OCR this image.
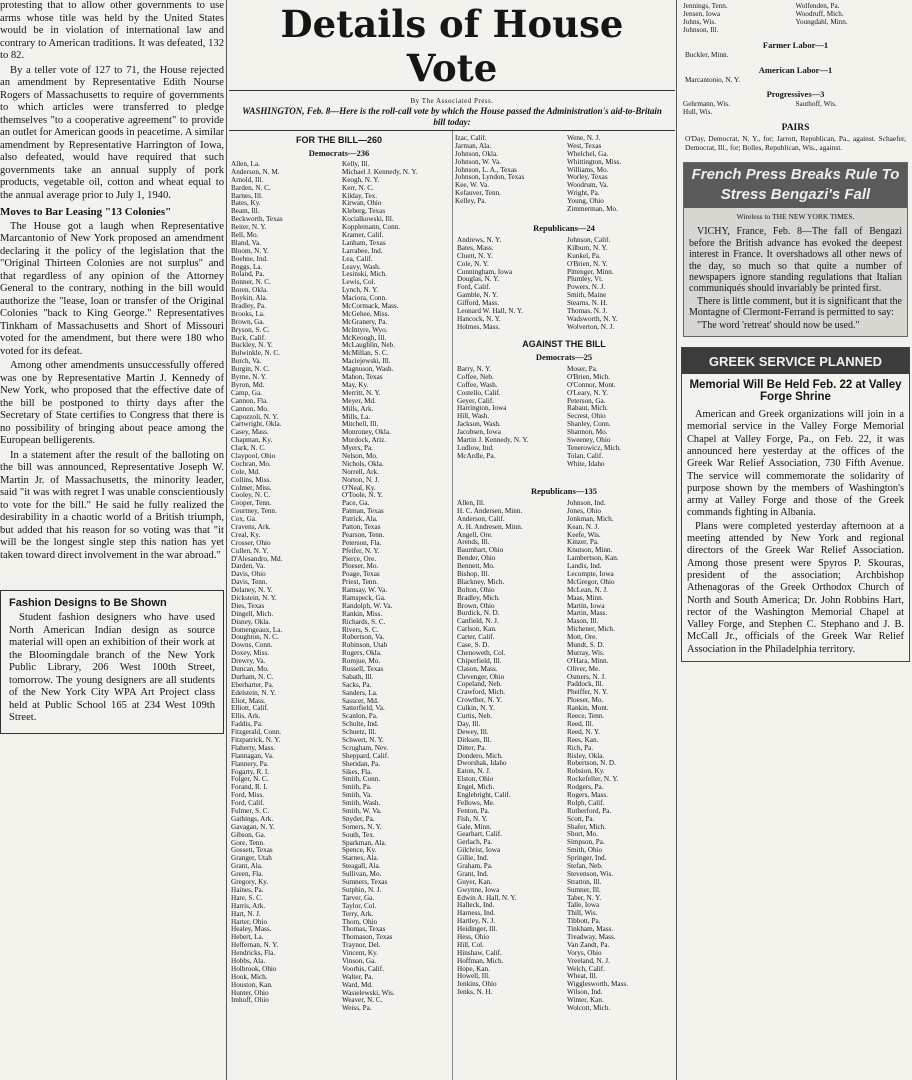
protesting that to allow other governments to use arms whose title was held by the United States would be in violation of international law and contrary to American traditions. It was defeated, 132 to 82.

By a teller vote of 127 to 71, the House rejected an amendment by Representative Edith Nourse Rogers of Massachusetts to require of governments to which articles were transferred to pledge themselves "to a cooperative agreement" to provide an outlet for American goods in peacetime. A similar amendment by Representative Harrington of Iowa, also defeated, would have required that such governments take an annual supply of pork products, vegetable oil, cotton and wheat equal to the annual average prior to July 1, 1940.

Moves to Bar Leasing "13 Colonies"

The House got a laugh when Representative Marcantonio of New York proposed an amendment declaring it the policy of the legislation that the "Original Thirteen Colonies are not surplus" and that regardless of any opinion of the Attorney General to the contrary, nothing in the bill would authorize the "lease, loan or transfer of the Original Colonies "back to King George." Representatives Tinkham of Massachusetts and Short of Missouri voted for the amendment, but there were 180 who voted for its defeat.

Among other amendments unsuccessfully offered was one by Representative Martin J. Kennedy of New York, who proposed that the effective date of the bill be postponed to thirty days after the Secretary of State certifies to Congress that there is no possibility of bringing about peace among the European belligerents.

In a statement after the result of the balloting on the bill was announced, Representative Joseph W. Martin Jr. of Massachusetts, the minority leader, said "it was with regret I was unable conscientiously to vote for the bill." He said he fully realized the desirability in a chaotic world of a British triumph, but added that his reason for so voting was that "it will be the longest single step this nation has yet taken toward direct involvement in the war abroad."

Fashion Designs to Be Shown

Student fashion designers who have used North American Indian design as source material will open an exhibition of their work at the Bloomingdale branch of the New York Public Library, 206 West 100th Street, tomorrow. The young designers are all students of the New York City WPA Art Project class held at Public School 165 at 234 West 109th Street.

Details of House Vote
By The Associated Press.
WASHINGTON, Feb. 8—Here is the roll-call vote by which the House passed the Administration's aid-to-Britain bill today:
FOR THE BILL—260
Democrats—236
Allen, La.
Anderson, N. M.
Arnold, Ill.
Barden, N. C.
Barnes, Ill.
Bates, Ky.
Beam, Ill.
Beckworth, Texas
Beiter, N. Y.
Bell, Mo.
Bland, Va.
Bloom, N. Y.
Boehne, Ind.
Boggs, La.
Boland, Pa.
Bonner, N. C.
Boren, Okla.
Boykin, Ala.
Bradley, Pa.
Brooks, La.
Brown, Ga.
Bryson, S. C.
Buck, Calif.
Buckley, N. Y.
Bulwinkle, N. C.
Burch, Va.
Burgin, N. C.
Byrne, N. Y.
Byron, Md.
Camp, Ga.
Cannon, Fla.
Cannon, Mo.
Capozzoli, N. Y.
Cartwright, Okla.
Casey, Mass.
Chapman, Ky.
Clark, N. C.
Claypool, Ohio
Cochran, Mo.
Cole, Md.
Collins, Miss.
Colmer, Miss.
Cooley, N. C.
Cooper, Tenn.
Courtney, Tenn.
Cox, Ga.
Cravens, Ark.
Creal, Ky.
Crosser, Ohio
Cullen, N. Y.
D'Alesandro, Md.
Darden, Va.
Davis, Ohio
Davis, Tenn.
Delaney, N. Y.
Dickstein, N. Y.
Dies, Texas
Dingell, Mich.
Disney, Okla.
Domengeaux, La.
Doughton, N. C.
Downs, Conn.
Doxey, Miss.
Drewry, Va.
Duncan, Mo.
Durham, N. C.
Eberharter, Pa.
Edelstein, N. Y.
Eliot, Mass.
Elliott, Calif.
Ellis, Ark.
Faddis, Pa.
Fitzgerald, Conn.
Fitzpatrick, N. Y.
Flaherty, Mass.
Flannagan, Va.
Flannery, Pa.
Fogarty, R. I.
Folger, N. C.
Forand, R. I.
Ford, Miss.
Ford, Calif.
Fulmer, S. C.
Gathings, Ark.
Gavagan, N. Y.
Gibson, Ga.
Gore, Tenn.
Gossett, Texas
Granger, Utah
Grant, Ala.
Green, Fla.
Gregory, Ky.
Haines, Pa.
Hare, S. C.
Harris, Ark.
Hart, N. J.
Harter, Ohio
Healey, Mass.
Hebert, La.
Heffernan, N. Y.
Hendricks, Fla.
Hobbs, Ala.
Holbrook, Ohio
Hook, Mich.
Houston, Kan.
Hunter, Ohio
Imhoff, Ohio
Kelly, Ill.
Michael J. Kennedy, N. Y.
Keogh, N. Y.
Kerr, N. C.
Kilday, Tex.
Kirwan, Ohio
Kleberg, Texas
Kocialkowski, Ill.
Kopplemann, Conn.
Kramer, Calif.
Lanham, Texas
Larrabee, Ind.
Lea, Calif.
Leavy, Wash.
Lesinski, Mich.
Lewis, Col.
Lynch, N. Y.
Maciora, Conn.
McCormack, Mass.
McGehee, Miss.
McGranery, Pa.
McIntyre, Wyo.
McKeough, Ill.
McLaughlin, Neb.
McMillan, S. C.
Maciejewski, Ill.
Magnuson, Wash.
Mahon, Texas
May, Ky.
Merritt, N. Y.
Meyer, Md.
Mills, Ark.
Mills, La.
Mitchell, Ill.
Monroney, Okla.
Murdock, Ariz.
Myers, Pa.
Nelson, Mo.
Nichols, Okla.
Norrell, Ark.
Norton, N. J.
O'Neal, Ky.
O'Toole, N. Y.
Pace, Ga.
Patman, Texas
Patrick, Ala.
Patton, Texas
Pearson, Tenn.
Peterson, Fla.
Pfeifer, N. Y.
Pierce, Ore.
Ploeser, Mo.
Poage, Texas
Priest, Tenn.
Ramsay, W. Va.
Ramspeck, Ga.
Randolph, W. Va.
Rankin, Miss.
Richards, S. C.
Rivers, S. C.
Robertson, Va.
Robinson, Utah
Rogers, Okla.
Romjue, Mo.
Russell, Texas
Sabath, Ill.
Sacks, Pa.
Sanders, La.
Sasscer, Md.
Satterfield, Va.
Scanlon, Pa.
Schulte, Ind.
Schuetz, Ill.
Schwert, N. Y.
Scrugham, Nev.
Sheppard, Calif.
Sheridan, Pa.
Sikes, Fla.
Smith, Conn.
Smith, Pa.
Smith, Va.
Smith, Wash.
Smith, W. Va.
Snyder, Pa.
Somers, N. Y.
South, Tex.
Sparkman, Ala.
Spence, Ky.
Starnes, Ala.
Steagall, Ala.
Sullivan, Mo.
Sumners, Texas
Sutphin, N. J.
Tarver, Ga.
Taylor, Col.
Terry, Ark.
Thom, Ohio
Thomas, Texas
Thomason, Texas
Traynor, Del.
Vincent, Ky.
Vinson, Ga.
Voorhis, Calif.
Walter, Pa.
Ward, Md.
Wasielewski, Wis.
Weaver, N. C.
Weiss, Pa.
Izac, Calif.
Jarman, Ala.
Johnson, Okla.
Johnson, W. Va.
Johnson, L. A., Texas
Johnson, Lyndon, Texas
Kee, W. Va.
Kefauver, Tenn.
Kelley, Pa.
Wene, N. J.
West, Texas
Whelchel, Ga.
Whittington, Miss.
Williams, Mo.
Worley, Texas
Woodrum, Va.
Wright, Pa.
Young, Ohio
Zimmerman, Mo.
Republicans—24
Andrews, N. Y.
Bates, Mass.
Cluett, N. Y.
Cole, N. Y.
Cunningham, Iowa
Douglas, N. Y.
Ford, Calif.
Gamble, N. Y.
Gifford, Mass.
Leonard W. Hall, N. Y.
Hancock, N. Y.
Holmes, Mass.
Johnson, Calif.
Kilburn, N. Y.
Kunkel, Pa.
O'Brien, N. Y.
Pittenger, Minn.
Plumley, Vt.
Powers, N. J.
Smith, Maine
Stearns, N. H.
Thomas, N. J.
Wadsworth, N. Y.
Wolverton, N. J.
AGAINST THE BILL
Democrats—25
Barry, N. Y.
Coffee, Neb.
Coffee, Wash.
Costello, Calif.
Geyer, Calif.
Harrington, Iowa
Hill, Wash.
Jackson, Wash.
Jacobsen, Iowa
Martin J. Kennedy, N. Y.
Ludlow, Ind.
McArdle, Pa.
Moser, Pa.
O'Brien, Mich.
O'Connor, Mont.
O'Leary, N. Y.
Peterson, Ga.
Rabaut, Mich.
Secrest, Ohio
Shanley, Conn.
Shannon, Mo.
Sweeney, Ohio
Tenerowicz, Mich.
Tolan, Calif.
White, Idaho
Republicans—135
Allen, Ill.
H. C. Andersen, Minn.
Anderson, Calif.
A. H. Andresen, Minn.
Angell, Ore.
Arends, Ill.
Baumhart, Ohio
Bender, Ohio
Bennett, Mo.
Bishop, Ill.
Blackney, Mich.
Bolton, Ohio
Bradley, Mich.
Brown, Ohio
Burdick, N. D.
Canfield, N. J.
Carlson, Kan.
Carter, Calif.
Case, S. D.
Chenoweth, Col.
Chiperfield, Ill.
Clason, Mass.
Clevenger, Ohio
Copeland, Neb.
Crawford, Mich.
Crowther, N. Y.
Culkin, N. Y.
Curtis, Neb.
Day, Ill.
Dewey, Ill.
Dirksen, Ill.
Ditter, Pa.
Dondero, Mich.
Dworshak, Idaho
Eaton, N. J.
Elston, Ohio
Engel, Mich.
Englebright, Calif.
Fellows, Me.
Fenton, Pa.
Fish, N. Y.
Gale, Minn.
Gearhart, Calif.
Gerlach, Pa.
Gilchrist, Iowa
Gillie, Ind.
Graham, Pa.
Grant, Ind.
Guyer, Kan.
Gwynne, Iowa
Edwin A. Hall, N. Y.
Halleck, Ind.
Harness, Ind.
Hartley, N. J.
Heidinger, Ill.
Hess, Ohio
Hill, Col.
Hinshaw, Calif.
Hoffman, Mich.
Hope, Kan.
Howell, Ill.
Jenkins, Ohio
Jenks, N. H.
Johnson, Ind.
Jones, Ohio
Jonkman, Mich.
Kean, N. J.
Keefe, Wis.
Kinzer, Pa.
Knutson, Minn.
Lambertson, Kan.
Landis, Ind.
Lecompte, Iowa
McGregor, Ohio
McLean, N. J.
Maas, Minn.
Martin, Iowa
Martin, Mass.
Mason, Ill.
Michener, Mich.
Mott, Ore.
Mundt, S. D.
Murray, Wis.
O'Hara, Minn.
Oliver, Me.
Osmers, N. J.
Paddock, Ill.
Pheiffer, N. Y.
Ploeser, Mo.
Rankin, Mont.
Reece, Tenn.
Reed, Ill.
Reed, N. Y.
Rees, Kan.
Rich, Pa.
Risley, Okla.
Robertson, N. D.
Robsion, Ky.
Rockefeller, N. Y.
Rodgers, Pa.
Rogers, Mass.
Rolph, Calif.
Rutherford, Pa.
Scott, Pa.
Shafer, Mich.
Short, Mo.
Simpson, Pa.
Smith, Ohio
Springer, Ind.
Stefan, Neb.
Stevenson, Wis.
Stratton, Ill.
Sumner, Ill.
Taber, N. Y.
Talle, Iowa
Thill, Wis.
Tibbott, Pa.
Tinkham, Mass.
Treadway, Mass.
Van Zandt, Pa.
Vorys, Ohio
Vreeland, N. J.
Welch, Calif.
Wheat, Ill.
Wigglesworth, Mass.
Wilson, Ind.
Winter, Kan.
Wolcott, Mich.
Jennings, Tenn.
Jensen, Iowa
Johns, Wis.
Johnson, Ill.
Wolfenden, Pa.
Woodruff, Mich.
Youngdahl, Minn.
Farmer Labor—1
Buckler, Minn.
American Labor—1
Marcantonio, N. Y.
Progressives—3
Gehrmann, Wis.
Hull, Wis.
Sauthoff, Wis.
PAIRS
O'Day, Democrat, N. Y., for; Jarrott, Republican, Pa., against. Schaefer, Democrat, Ill., for; Bolles, Republican, Wis., against.
French Press Breaks Rule To Stress Bengazi's Fall
Wireless to THE NEW YORK TIMES.

VICHY, France, Feb. 8—The fall of Bengazi before the British advance has evoked the deepest interest in France. It overshadows all other news of the day, so much so that quite a number of newspapers ignore standing regulations that Italian communiqués should invariably be printed first.

There is little comment, but it is significant that the Montagne of Clermont-Ferrand is permitted to say:

"The word 'retreat' should now be used."

GREEK SERVICE PLANNED
Memorial Will Be Held Feb. 22 at Valley Forge Shrine

American and Greek organizations will join in a memorial service in the Valley Forge Memorial Chapel at Valley Forge, Pa., on Feb. 22, it was announced here yesterday at the offices of the Greek War Relief Association, 730 Fifth Avenue. The service will commemorate the solidarity of purpose shown by the members of Washington's army at Valley Forge and those of the Greek commands fighting in Albania.

Plans were completed yesterday afternoon at a meeting attended by New York and regional directors of the Greek War Relief Association. Among those present were Spyros P. Skouras, president of the association; Archbishop Athenagoras of the Greek Orthodox Church of North and South America; Dr. John Robbins Hart, rector of the Washington Memorial Chapel at Valley Forge, and Stephen C. Stephano and J. B. McCall Jr., officials of the Greek War Relief Association in the Philadelphia territory.
